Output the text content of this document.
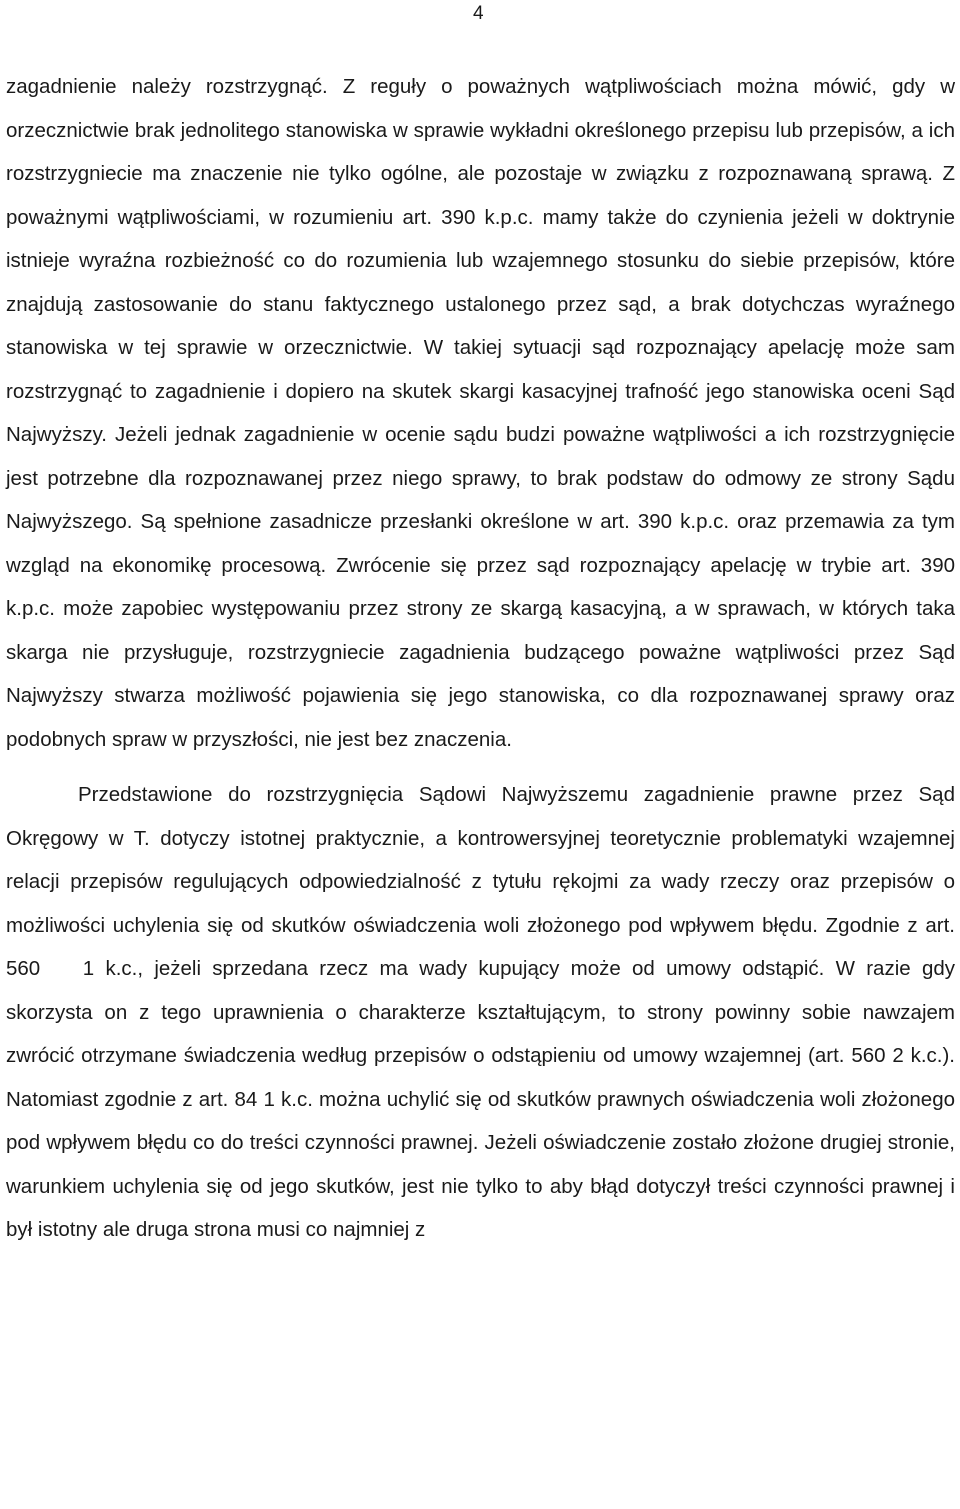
4

zagadnienie należy rozstrzygnąć. Z reguły o poważnych wątpliwościach można mówić, gdy w orzecznictwie brak jednolitego stanowiska w sprawie wykładni określonego przepisu lub przepisów, a ich rozstrzygniecie ma znaczenie nie tylko ogólne, ale pozostaje w związku z rozpoznawaną sprawą. Z poważnymi wątpliwościami, w rozumieniu art. 390 k.p.c. mamy także do czynienia jeżeli w doktrynie istnieje wyraźna rozbieżność co do rozumienia lub wzajemnego stosunku do siebie przepisów, które znajdują zastosowanie do stanu faktycznego ustalonego przez sąd, a brak dotychczas wyraźnego stanowiska w tej sprawie w orzecznictwie. W takiej sytuacji sąd rozpoznający apelację może sam rozstrzygnąć to zagadnienie i dopiero na skutek skargi kasacyjnej trafność jego stanowiska oceni Sąd Najwyższy. Jeżeli jednak zagadnienie w ocenie sądu budzi poważne wątpliwości a ich rozstrzygnięcie jest potrzebne dla rozpoznawanej przez niego sprawy, to brak podstaw do odmowy ze strony Sądu Najwyższego. Są spełnione zasadnicze przesłanki określone w art. 390 k.p.c. oraz przemawia za tym wzgląd na ekonomikę procesową. Zwrócenie się przez sąd rozpoznający apelację w trybie art. 390 k.p.c. może zapobiec występowaniu przez strony ze skargą kasacyjną, a w sprawach, w których taka skarga nie przysługuje, rozstrzygniecie zagadnienia budzącego poważne wątpliwości przez Sąd Najwyższy stwarza możliwość pojawienia się jego stanowiska, co dla rozpoznawanej sprawy oraz podobnych spraw w przyszłości, nie jest bez znaczenia.

Przedstawione do rozstrzygnięcia Sądowi Najwyższemu zagadnienie prawne przez Sąd Okręgowy w T. dotyczy istotnej praktycznie, a kontrowersyjnej teoretycznie problematyki wzajemnej relacji przepisów regulujących odpowiedzialność z tytułu rękojmi za wady rzeczy oraz przepisów o możliwości uchylenia się od skutków oświadczenia woli złożonego pod wpływem błędu. Zgodnie z art. 560 1 k.c., jeżeli sprzedana rzecz ma wady kupujący może od umowy odstąpić. W razie gdy skorzysta on z tego uprawnienia o charakterze kształtującym, to strony powinny sobie nawzajem zwrócić otrzymane świadczenia według przepisów o odstąpieniu od umowy wzajemnej (art. 560 2 k.c.). Natomiast zgodnie z art. 84 1 k.c. można uchylić się od skutków prawnych oświadczenia woli złożonego pod wpływem błędu co do treści czynności prawnej. Jeżeli oświadczenie zostało złożone drugiej stronie, warunkiem uchylenia się od jego skutków, jest nie tylko to aby błąd dotyczył treści czynności prawnej i był istotny ale druga strona musi co najmniej z
